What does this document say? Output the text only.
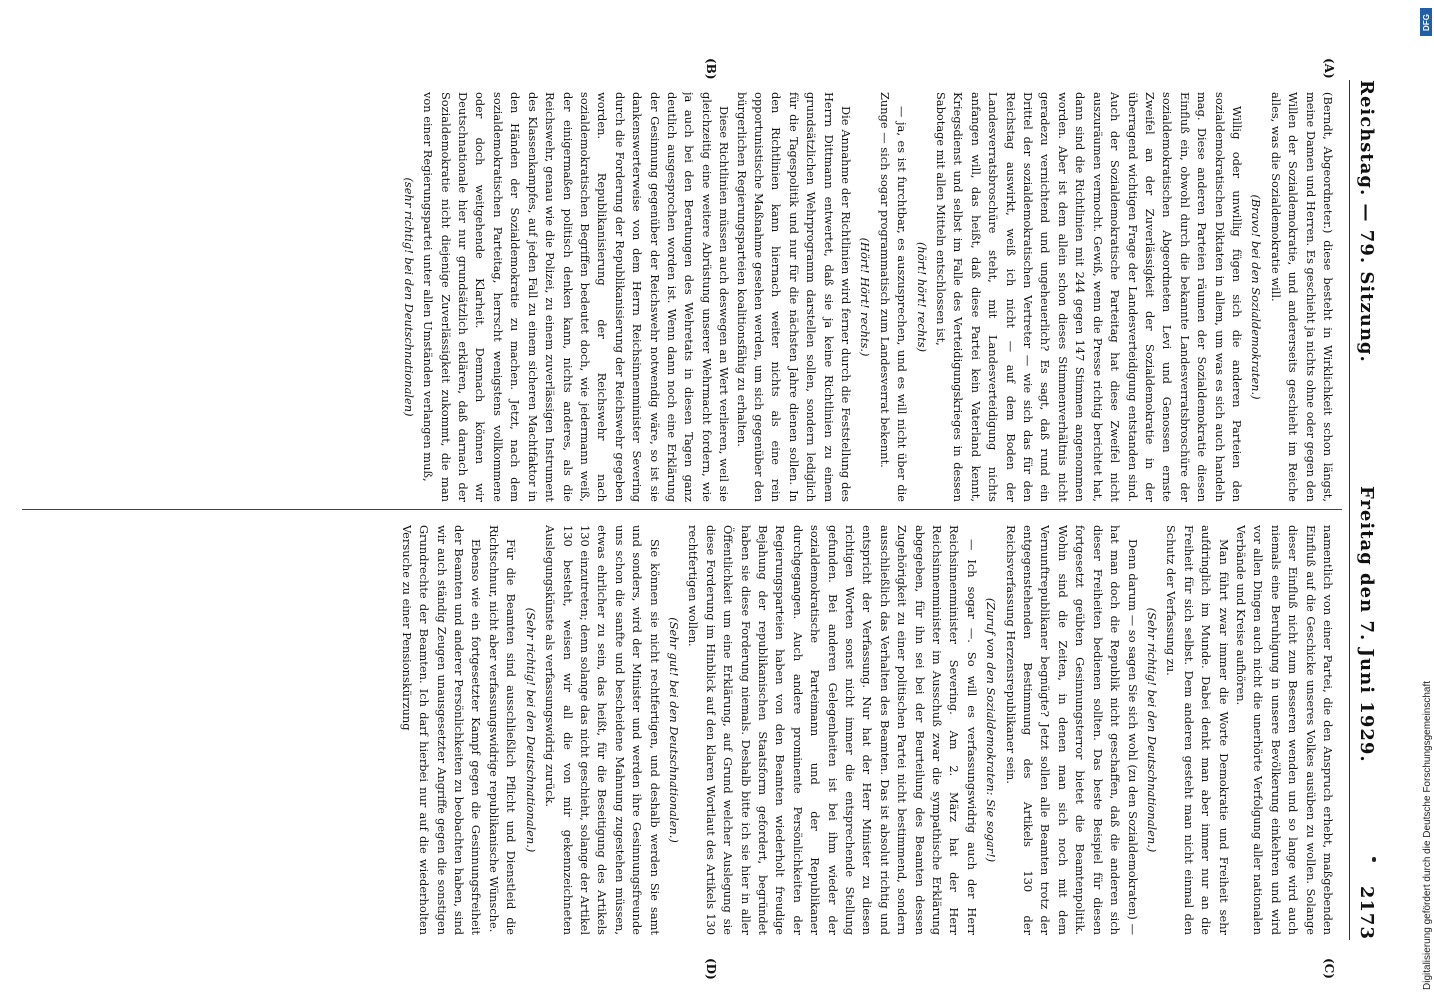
Reichstag. — 79. Sitzung.
Freitag den 7. Juni 1929.
2173
(A)
(B)
(C)
(D)

(Berndt, Abgeordneter.) diese besteht in Wirklichkeit schon längst, meine Damen und Herren. Es geschieht ja nichts ohne oder gegen den Willen der Sozialdemokratie, und andererseits geschieht im Reiche alles, was die Sozialdemokratie will.

(Bravo! bei den Sozialdemokraten.)

Willig oder unwillig fügen sich die anderen Parteien den sozialdemokratischen Diktaten in allem, um was es sich auch handeln mag. Diese anderen Parteien räumen der Sozialdemokratie diesen Einfluß ein, obwohl durch die bekannte Landesverratsbroschüre der sozialdemokratischen Abgeordneten Levi und Genossen ernste Zweifel an der Zuverlässigkeit der Sozialdemokratie in der überragend wichtigen Frage der Landesverteidigung entstanden sind. Auch der Sozialdemokratische Parteitag hat diese Zweifel nicht auszuräumen vermocht. Gewiß, wenn die Presse richtig berichtet hat, dann sind die Richtlinien mit 244 gegen 147 Stimmen angenommen worden. Aber ist dem allein schon dieses Stimmenverhältnis nicht geradezu vernichtend und ungeheuerlich? Es sagt, daß rund ein Drittel der sozialdemokratischen Vertreter — wie sich das für den Reichstag auswirkt, weiß ich nicht — auf dem Boden der Landesverratsbroschüre steht, mit Landesverteidigung nichts anfangen will, das heißt, daß diese Partei kein Vaterland kennt, Kriegsdienst und selbst im Falle des Verteidigungskrieges in dessen Sabotage mit allen Mitteln entschlossen ist,

(hört! hört! rechts)

— ja, es ist furchtbar, es auszusprechen, und es will nicht über die Zunge — sich sogar programmatisch zum Landesverrat bekennt.

(Hört! Hört! rechts.)

Die Annahme der Richtlinien wird ferner durch die Feststellung des Herrn Dittmann entwertet, daß sie ja keine Richtlinien zu einem grundsätzlichen Wehrprogramm darstellen sollen, sondern lediglich für die Tagespolitik und nur für die nächsten Jahre dienen sollen. In den Richtlinien kann hiernach weiter nichts als eine rein opportunistische Maßnahme gesehen werden, um sich gegenüber den bürgerlichen Regierungsparteien koalitionsfähig zu erhalten.

Diese Richtlinien müssen auch deswegen an Wert verlieren, weil sie gleichzeitig eine weitere Abrüstung unserer Wehrmacht fordern, wie ja auch bei den Beratungen des Wehretats in diesen Tagen ganz deutlich ausgesprochen worden ist. Wenn dann noch eine Erklärung der Gesinnung gegenüber der Reichswehr notwendig wäre, so ist sie dankenswerterweise von dem Herrn Reichsinnenminister Severing durch die Forderung der Republikanisierung der Reichswehr gegeben worden. Republikanisierung der Reichswehr nach sozialdemokratischen Begriffen bedeutet doch, wie jedermann weiß, der einigermaßen politisch denken kann, nichts anderes, als die Reichswehr, genau wie die Polizei, zu einem zuverlässigen Instrument des Klassenkampfes, auf jeden Fall zu einem sicheren Machtfaktor in den Händen der Sozialdemokratie zu machen. Jetzt, nach dem sozialdemokratischen Parteitag, herrscht wenigstens vollkommene oder doch weitgehende Klarheit. Demnach können wir Deutschnationale hier nur grundsätzlich erklären, daß darnach der Sozialdemokratie nicht diejenige Zuverlässigkeit zukommt, die man von einer Regierungspartei unter allen Umständen verlangen muß,

(sehr richtig! bei den Deutschnationalen)

namentlich von einer Partei, die den Anspruch erhebt, maßgebenden Einfluß auf die Geschicke unseres Volkes ausüben zu wollen. Solange dieser Einfluß nicht zum Besseren wenden und so lange wird auch niemals eine Beruhigung in unsere Bevölkerung einkehren und wird vor allen Dingen auch nicht die unerhörte Verfolgung aller nationalen Verbände und Kreise aufhören.

Man führt zwar immer die Worte Demokratie und Freiheit sehr aufdringlich im Munde. Dabei denkt man aber immer nur an die Freiheit für sich selbst. Dem anderen gesteht man nicht einmal den Schutz der Verfassung zu.

(Sehr richtig! bei den Deutschnationalen.)

Denn darum — so sagen Sie sich wohl (zu den Sozialdemokraten) — hat man doch die Republik nicht geschaffen, daß die anderen sich dieser Freiheiten bedienen sollten. Das beste Beispiel für diesen fortgesetzt geübten Gesinnungsterror bietet die Beamtenpolitik. Wohin sind die Zeiten, in denen man sich noch mit dem Vernunftrepublikaner begnügte? Jetzt sollen alle Beamten trotz der entgegenstehenden Bestimmung des Artikels 130 der Reichsverfassung Herzensrepublikaner sein.

(Zuruf von den Sozialdemokraten: Sie sogar!)

— Ich sogar —. So will es verfassungswidrig auch der Herr Reichsinnenminister Severing. Am 2. März hat der Herr Reichsinnenminister im Ausschuß zwar die sympathische Erklärung abgegeben, für ihn sei bei der Beurteilung des Beamten dessen Zugehörigkeit zu einer politischen Partei nicht bestimmend, sondern ausschließlich das Verhalten des Beamten. Das ist absolut richtig und entspricht der Verfassung. Nur hat der Herr Minister zu diesen richtigen Worten sonst nicht immer die entsprechende Stellung gefunden. Bei anderen Gelegenheiten ist bei ihm wieder der sozialdemokratische Parteimann und der Republikaner durchgegangen. Auch andere prominente Persönlichkeiten der Regierungsparteien haben von den Beamten wiederholt freudige Bejahung der republikanischen Staatsform gefordert, begründet haben sie diese Forderung niemals. Deshalb bitte ich sie hier in aller Öffentlichkeit um eine Erklärung, auf Grund welcher Auslegung sie diese Forderung im Hinblick auf den klaren Wortlaut des Artikels 130 rechtfertigen wollen.

(Sehr gut! bei den Deutschnationalen.)

Sie können sie nicht rechtfertigen, und deshalb werden Sie samt und sonders, wird der Minister und werden ihre Gesinnungsfreunde uns schon die sanfte und bescheidene Mahnung zugestehen müssen, etwas ehrlicher zu sein, das heißt, für die Beseitigung des Artikels 130 einzutreten; denn solange das nicht geschieht, solange der Artikel 130 besteht, weisen wir all die von mir gekennzeichneten Auslegungskünste als verfassungswidrig zurück.

(Sehr richtig! bei den Deutschnationalen.)

Für die Beamten sind ausschließlich Pflicht und Dienstleid die Richtschnur, nicht aber verfassungswidrige republikanische Wünsche.

Ebenso wie ein fortgesetzter Kampf gegen die Gesinnungsfreiheit der Beamten und anderer Persönlichkeiten zu beobachten haben, sind wir auch ständig Zeugen unausgesetzter Angriffe gegen die sonstigen Grundrechte der Beamten. Ich darf hierbei nur auf die wiederholten Versuche zu einer Pensionskürzung

DFG
Digitalisierung gefördert durch die Deutsche Forschungsgemeinschaft
